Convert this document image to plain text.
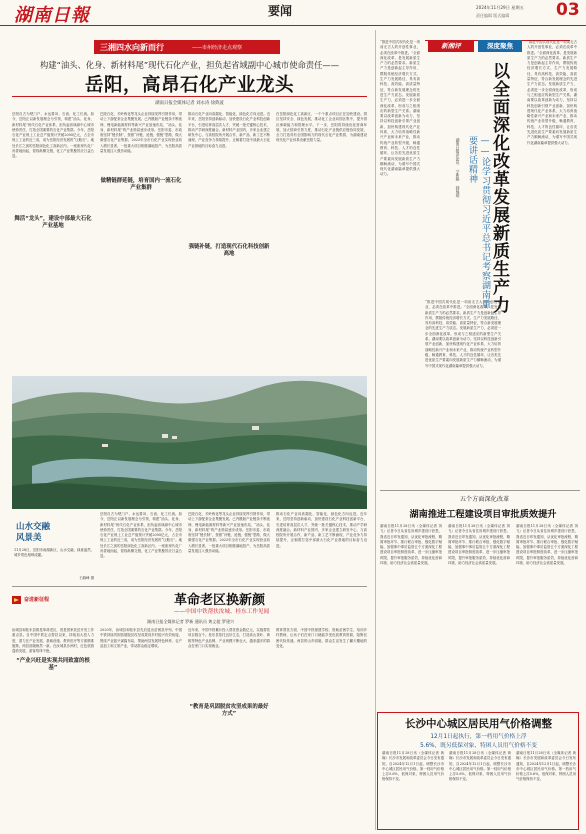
湖南日報	要闻	2024年11月29日 星期五
责任编辑 版式编辑	03
三湘四水向新而行	——市州经济走点观察
构建“油头、化身、新材料尾”现代石化产业，担负起省域副中心城市使命责任——
岳阳，高昂石化产业龙头
湖南日报全媒体记者 刘永涛 徐典波
岳阳自古为楚门户、水运要冲，石油、化工长流。如今，岳阳正以新发展理念为引领，构建“油头、化身、新材料尾”现代石化产业体系，担负起省域副中心城市使命责任，打造全国重要的石化产业集群。今年，岳阳石化产业规上工业总产值预计突破2000亿元，占全市规上工业的近三成，成为岳阳经济发展的“压舱石”。地处长江之滨的岳阳绿色化工高新区内，一座座现代化厂房拔地而起，管线纵横交错，化工产业集聚效应日益凸显。
舞活“龙头”，建设中部最大石化产业基地
巴陵石化、长岭炼化等龙头企业持续发挥引领作用，带动上下游配套企业集聚发展。己内酰胺产业链条不断延伸，锂电新能源材料等新兴产业加速布局，“油头、化身、新材料尾”的产业格局逐步成形。岳阳市委、市政府坚持“链长制”，按照“补链、延链、强链”思路，做大做强石化产业集群。2023年全市石化产业实现营业收入增长显著，一批重大项目相继落地投产，为岳阳高质量发展注入强劲动能。
做精链群延链，培育国内一流石化产业集群
推动石化产业向高端化、智能化、绿色化方向迈进。近年来，岳阳坚持创新驱动，加快建设石化产业科技创新平台，引进培育高层次人才，突破一批关键核心技术，推动产学研深度融合。新材料产业园内，多家企业建立研发中心，与高校院所开展合作，新产品、新工艺不断涌现，产业竞争力持续提升，正朝着打造中部最大石化产业基地的目标奋力迈进。
强链补链，打造现代石化科技创新高地
在岳阳绿色化工高新区，一个个重点项目正在加快建设。园区坚持安全、绿色发展，推动化工企业向园区集中，提升园区承载能力和管理水平。下一步，岳阳将持续优化营商环境，加大招商引资力度，推动石化产业链供应链协同发展，全力打造具有全国影响力的现代石化产业集群，为湖南建设现代化产业体系贡献岳阳力量。
新湘评	深度聚焦
以全面深化改革发展新质生产力
——论学习贯彻习近平总书记考察湖南重要讲话精神
湖南日报评论员 宁新路 钟福炳
“推进中国式现代化是一项前无古人的开创性事业，必须在改革中推进。”全面深化改革，是发展新质生产力的必然要求。新质生产力是创新起主导作用，摆脱传统经济增长方式、生产力发展路径，具有高科技、高效能、高质量特征，符合新发展理念的先进生产力质态。发展新质生产力，必须进一步全面深化改革，形成与之相适应的新型生产关系。湖南要以改革创新为动力，坚持以科技创新引领产业创新，加快构建现代化产业体系，大力培育战略性新兴产业和未来产业，推动传统产业转型升级，畅通教育、科技、人才的良性循环，让各类先进优质生产要素向发展新质生产力顺畅流动，为谱写中国式现代化湖南篇章提供强大动力。
“推进中国式现代化是一项前无古人的开创性事业，必须在改革中推进。”全面深化改革，是发展新质生产力的必然要求。新质生产力是创新起主导作用，摆脱传统经济增长方式、生产力发展路径，具有高科技、高效能、高质量特征，符合新发展理念的先进生产力质态。发展新质生产力，必须进一步全面深化改革，形成与之相适应的新型生产关系。湖南要以改革创新为动力，坚持以科技创新引领产业创新，加快构建现代化产业体系，大力培育战略性新兴产业和未来产业，推动传统产业转型升级，畅通教育、科技、人才的良性循环，让各类先进优质生产要素向发展新质生产力顺畅流动，为谱写中国式现代化湖南篇章提供强大动力。
“推进中国式现代化是一项前无古人的开创性事业，必须在改革中推进。”全面深化改革，是发展新质生产力的必然要求。新质生产力是创新起主导作用，摆脱传统经济增长方式、生产力发展路径，具有高科技、高效能、高质量特征，符合新发展理念的先进生产力质态。发展新质生产力，必须进一步全面深化改革，形成与之相适应的新型生产关系。湖南要以改革创新为动力，坚持以科技创新引领产业创新，加快构建现代化产业体系，大力培育战略性新兴产业和未来产业，推动传统产业转型升级，畅通教育、科技、人才的良性循环，让各类先进优质生产要素向发展新质生产力顺畅流动，为谱写中国式现代化湖南篇章提供强大动力。
山水交融
风景美
11月28日，岳阳市南湖新区，山水交融，绿意盎然，城乡景色相映成趣。
石晓峰 摄
岳阳自古为楚门户、水运要冲，石油、化工长流。如今，岳阳正以新发展理念为引领，构建“油头、化身、新材料尾”现代石化产业体系，担负起省域副中心城市使命责任，打造全国重要的石化产业集群。今年，岳阳石化产业规上工业总产值预计突破2000亿元，占全市规上工业的近三成，成为岳阳经济发展的“压舱石”。地处长江之滨的岳阳绿色化工高新区内，一座座现代化厂房拔地而起，管线纵横交错，化工产业集聚效应日益凸显。
巴陵石化、长岭炼化等龙头企业持续发挥引领作用，带动上下游配套企业集聚发展。己内酰胺产业链条不断延伸，锂电新能源材料等新兴产业加速布局，“油头、化身、新材料尾”的产业格局逐步成形。岳阳市委、市政府坚持“链长制”，按照“补链、延链、强链”思路，做大做强石化产业集群。2023年全市石化产业实现营业收入增长显著，一批重大项目相继落地投产，为岳阳高质量发展注入强劲动能。
推动石化产业向高端化、智能化、绿色化方向迈进。近年来，岳阳坚持创新驱动，加快建设石化产业科技创新平台，引进培育高层次人才，突破一批关键核心技术，推动产学研深度融合。新材料产业园内，多家企业建立研发中心，与高校院所开展合作，新产品、新工艺不断涌现，产业竞争力持续提升，正朝着打造中部最大石化产业基地的目标奋力迈进。
奋进新征程	革命老区换新颜
——中国中铁帮扶汝城、桂东工作见闻
湖南日报全媒体记者 罗新 通讯员 黄义超 罗建兴
汝城县和桂东县都是革命老区，曾是国家扶贫开发工作重点县。自中国中铁定点帮扶以来，持续加大投入力度，着力在产业发展、基础设施、教育医疗等方面精准施策，两县面貌焕然一新。在汝城县沙洲村，红色旅游蓬勃发展，游客络绎不绝。
“产业兴旺是实现共同致富的根基”
2020年，汝城县和桂东县先后退出贫困县序列。中国中铁持续巩固拓展脱贫攻坚成果同乡村振兴有效衔接，围绕产业振兴谋篇布局，帮助两县发展特色种养、农产品加工和文旅产业，带动群众稳定增收。
近年来，中国中铁累计投入帮扶资金数亿元，实施帮扶项目数百个。桂东县依托良好生态，打造高山茶叶、黄桃等特色产业品牌，产业规模不断壮大，越来越多的群众在家门口实现就业。
“教育是巩固脱贫攻坚成果的最好方式”
教育帮扶方面，中国中铁援建学校、资助贫困学生、培训乡村教师，让孩子们在家门口就能享受优质教育资源，阻断贫困代际传递。两县的山乡面貌、群众生活发生了翻天覆地的变化。
五个方面深化改革
湖南推进工程建设项目审批质效提升
湖南日报11月28日讯（全媒体记者 刘飞）记者今日从省住房城乡建设厅获悉，我省近日印发通知，从优化审批流程、精简审批环节、推行联合审批、强化数字赋能、加强事中事后监管五个方面深化工程建设项目审批制度改革，进一步压缩审批时限，提升审批服务质效，持续优化营商环境，助力经济社会高质量发展。
湖南日报11月28日讯（全媒体记者 刘飞）记者今日从省住房城乡建设厅获悉，我省近日印发通知，从优化审批流程、精简审批环节、推行联合审批、强化数字赋能、加强事中事后监管五个方面深化工程建设项目审批制度改革，进一步压缩审批时限，提升审批服务质效，持续优化营商环境，助力经济社会高质量发展。
湖南日报11月28日讯（全媒体记者 刘飞）记者今日从省住房城乡建设厅获悉，我省近日印发通知，从优化审批流程、精简审批环节、推行联合审批、强化数字赋能、加强事中事后监管五个方面深化工程建设项目审批制度改革，进一步压缩审批时限，提升审批服务质效，持续优化营商环境，助力经济社会高质量发展。
长沙中心城区居民用气价格调整
12月1日起执行，第一档用气价格上浮
5.6%，既另低保对象、特困人员用气价格不变
湖南日报11月28日讯（全媒体记者 黄娴）长沙市发展和改革委员会今日发布通知，自2024年12月1日起，调整长沙市中心城区居民用气价格。第一档用气价格上浮5.6%，低保对象、特困人员用气价格保持不变。
湖南日报11月28日讯（全媒体记者 黄娴）长沙市发展和改革委员会今日发布通知，自2024年12月1日起，调整长沙市中心城区居民用气价格。第一档用气价格上浮5.6%，低保对象、特困人员用气价格保持不变。
湖南日报11月28日讯（全媒体记者 黄娴）长沙市发展和改革委员会今日发布通知，自2024年12月1日起，调整长沙市中心城区居民用气价格。第一档用气价格上浮5.6%，低保对象、特困人员用气价格保持不变。
